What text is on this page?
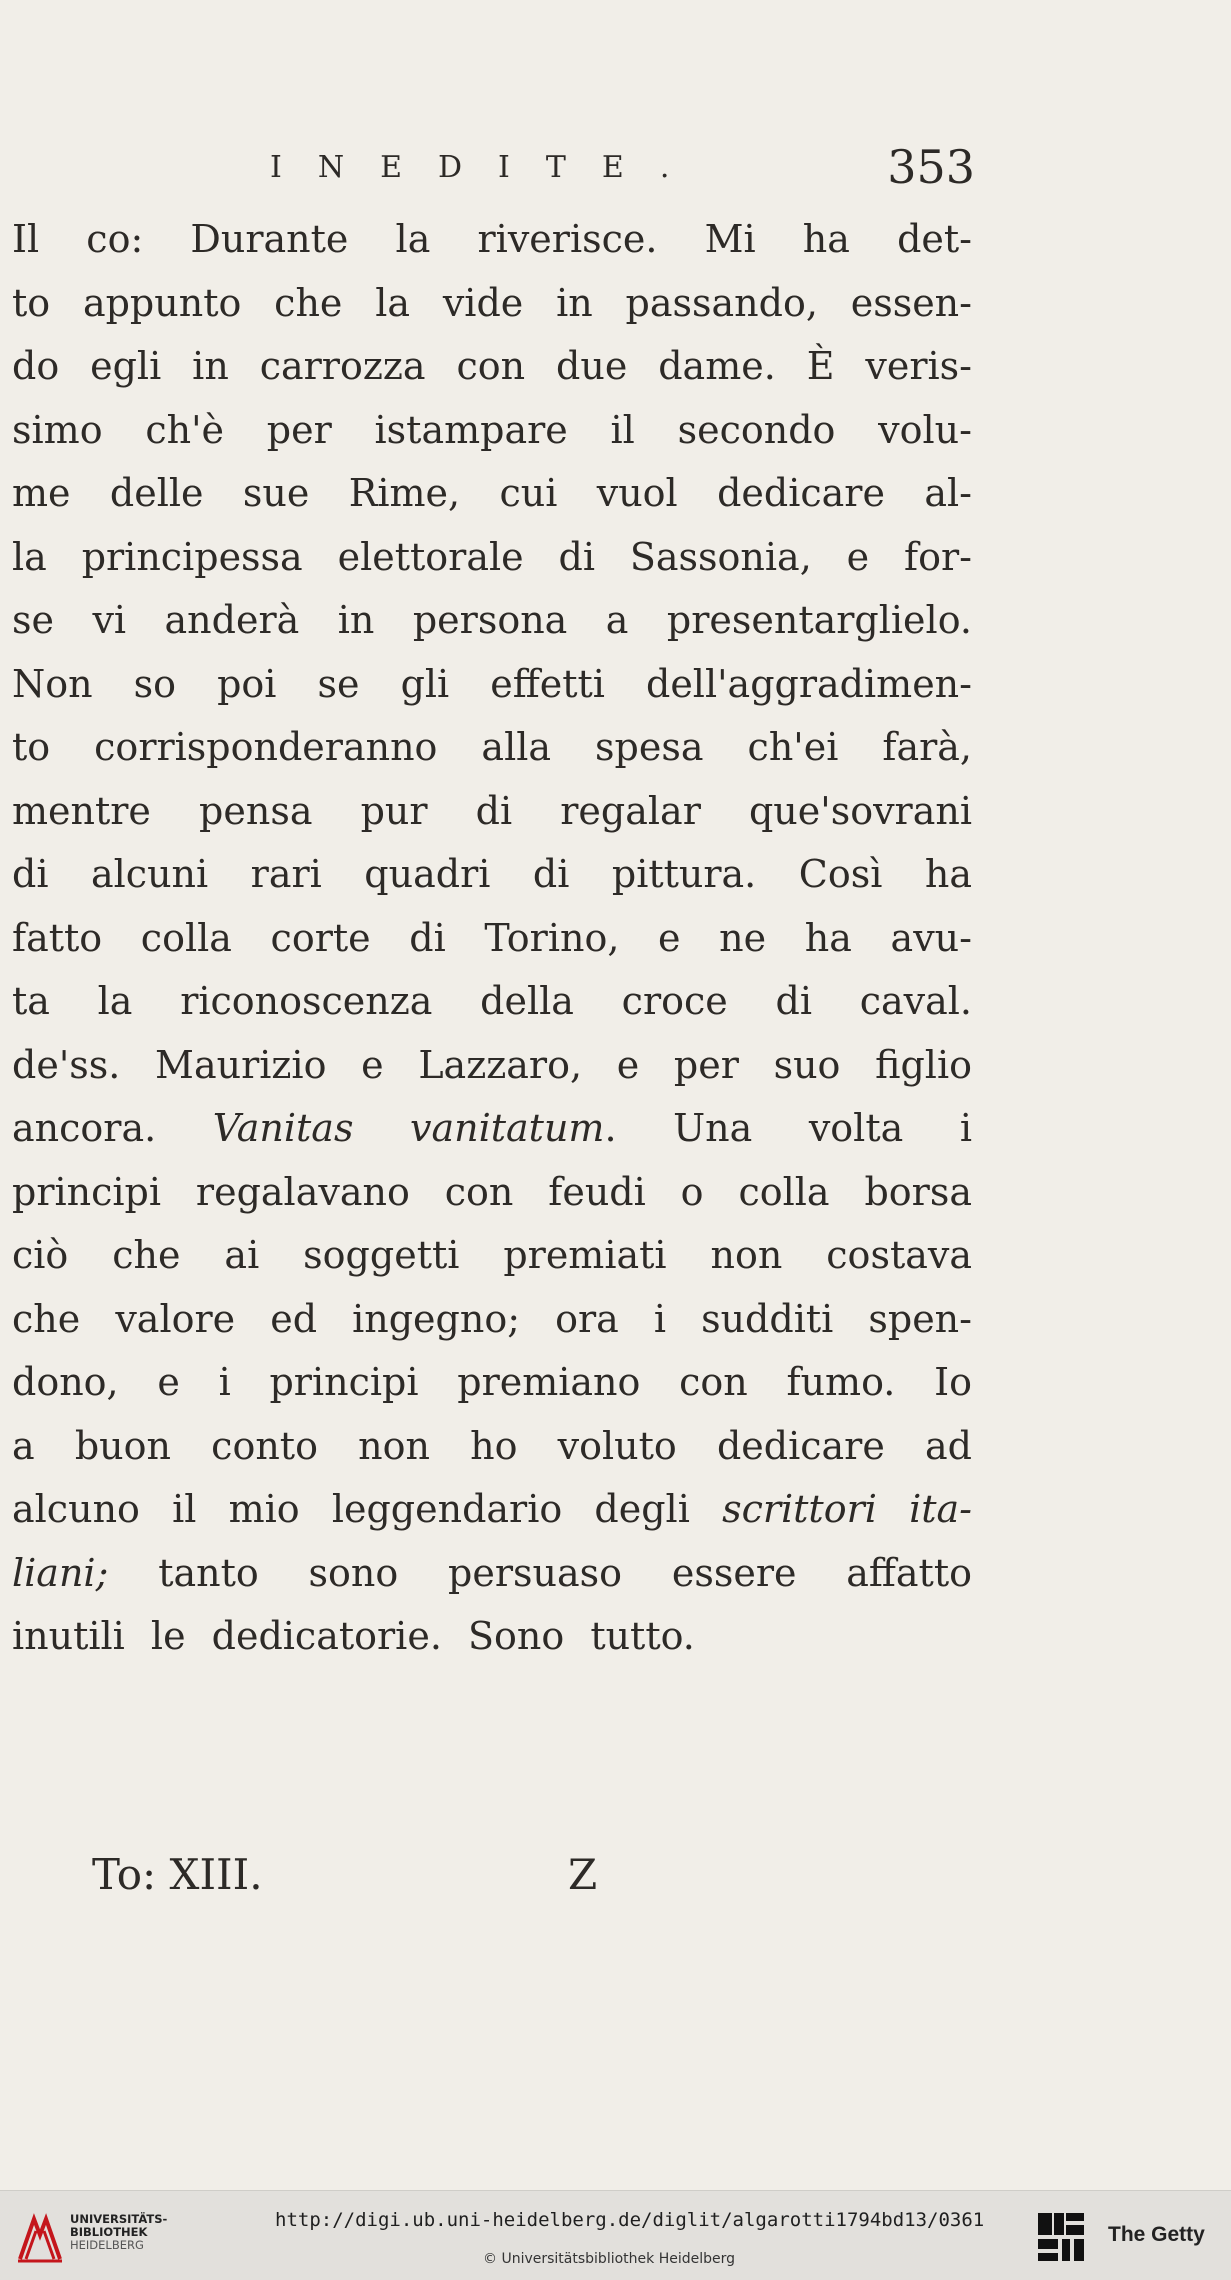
INEDITE.	353
Il co: Durante la riverisce. Mi ha det-
to appunto che la vide in passando, essen-
do egli in carrozza con due dame. È veris-
simo ch'è per istampare il secondo volu-
me delle sue Rime, cui vuol dedicare al-
la principessa elettorale di Sassonia, e for-
se vi anderà in persona a presentarglielo.
Non so poi se gli effetti dell'aggradimen-
to corrisponderanno alla spesa ch'ei farà,
mentre pensa pur di regalar que'sovrani
di alcuni rari quadri di pittura. Così ha
fatto colla corte di Torino, e ne ha avu-
ta la riconoscenza della croce di caval.
de'ss. Maurizio e Lazzaro, e per suo figlio
ancora. Vanitas vanitatum. Una volta i
principi regalavano con feudi o colla borsa
ciò che ai soggetti premiati non costava
che valore ed ingegno; ora i sudditi spen-
dono, e i principi premiano con fumo. Io
a buon conto non ho voluto dedicare ad
alcuno il mio leggendario degli scrittori ita-
liani; tanto sono persuaso essere affatto
inutili le dedicatorie. Sono tutto.
To: XIII.	Z
UNIVERSITÄTS-
BIBLIOTHEK
HEIDELBERG
http://digi.ub.uni-heidelberg.de/diglit/algarotti1794bd13/0361
© Universitätsbibliothek Heidelberg
The Getty
